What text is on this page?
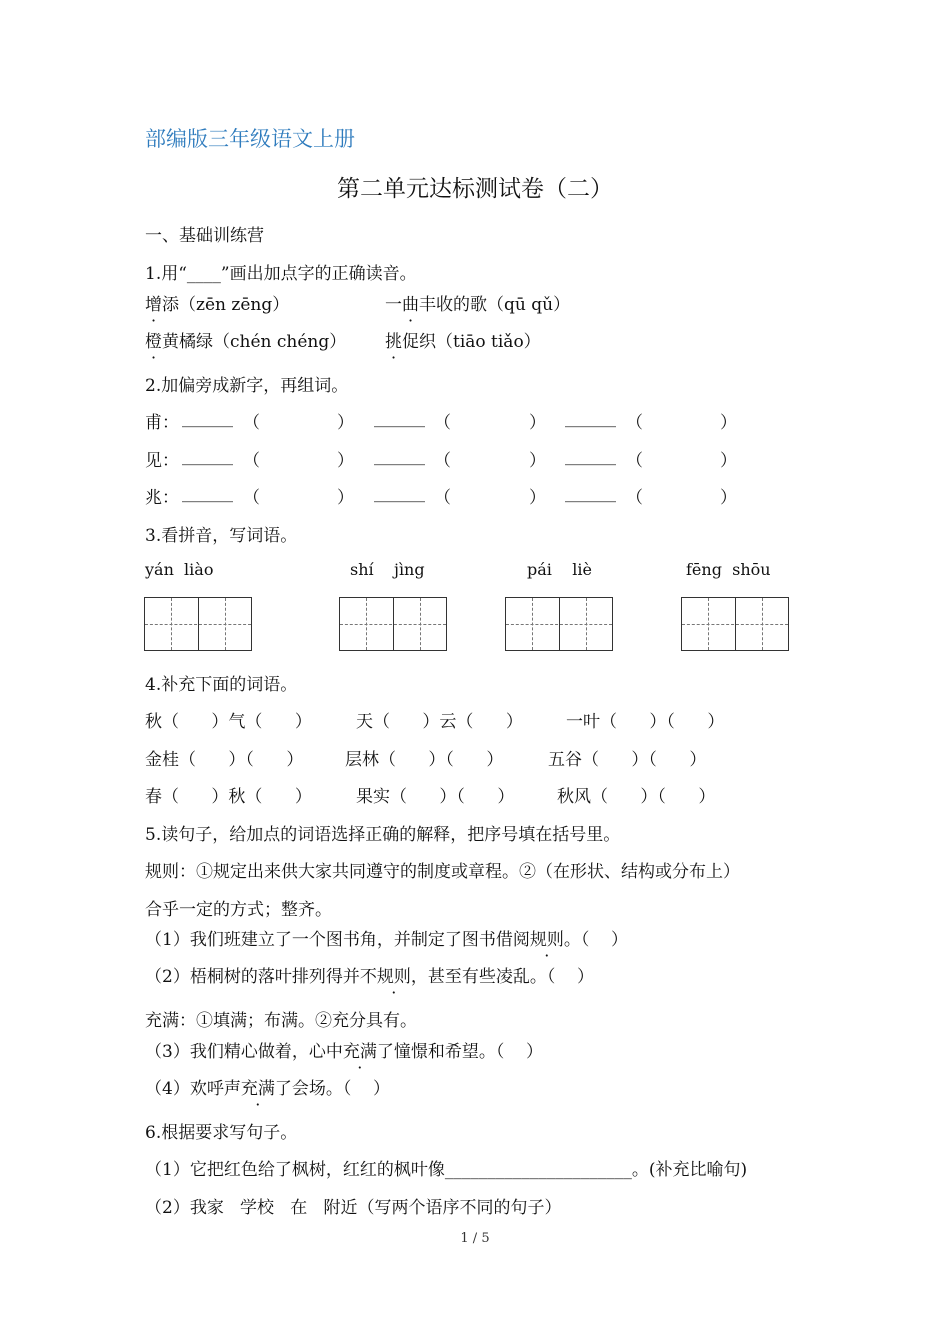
部编版三年级语文上册
第二单元达标测试卷（二）
一、基础训练营
1.用“____”画出加点字的正确读音。
增添（zēn zēng）	一曲丰收的歌（qū qǔ）
橙黄橘绿（chén chéng） 挑促织（tiāo tiǎo）
2.加偏旁成新字，再组词。
甫： ______ （	） ______ （	） ______ （	）
见： ______ （	） ______ （	） ______ （	）
兆： ______ （	） ______ （	） ______ （	）
3.看拼音，写词语。
yán  liào	shí    jìng	pái    liè	fēng  shōu
4.补充下面的词语。
秋（      ）气（      ）	天（      ）云（      ）	一叶（      ）（      ）
金桂（      ）（      ） 层林（      ）（      ）	五谷（      ）（      ）
春（      ）秋（      ）	果实（      ）（      ）	秋风（      ）（      ）
5.读句子，给加点的词语选择正确的解释，把序号填在括号里。
规则：①规定出来供大家共同遵守的制度或章程。②（在形状、结构或分布上）
合乎一定的方式；整齐。
（1）我们班建立了一个图书角，并制定了图书借阅规则。（    ）
（2）梧桐树的落叶排列得并不规则，甚至有些凌乱。（    ）
充满：①填满；布满。②充分具有。
（3）我们精心做着，心中充满了憧憬和希望。（    ）
（4）欢呼声充满了会场。（    ）
6.根据要求写句子。
（1）它把红色给了枫树，红红的枫叶像______________________。(补充比喻句)
（2）我家   学校   在   附近（写两个语序不同的句子）
1 / 5
